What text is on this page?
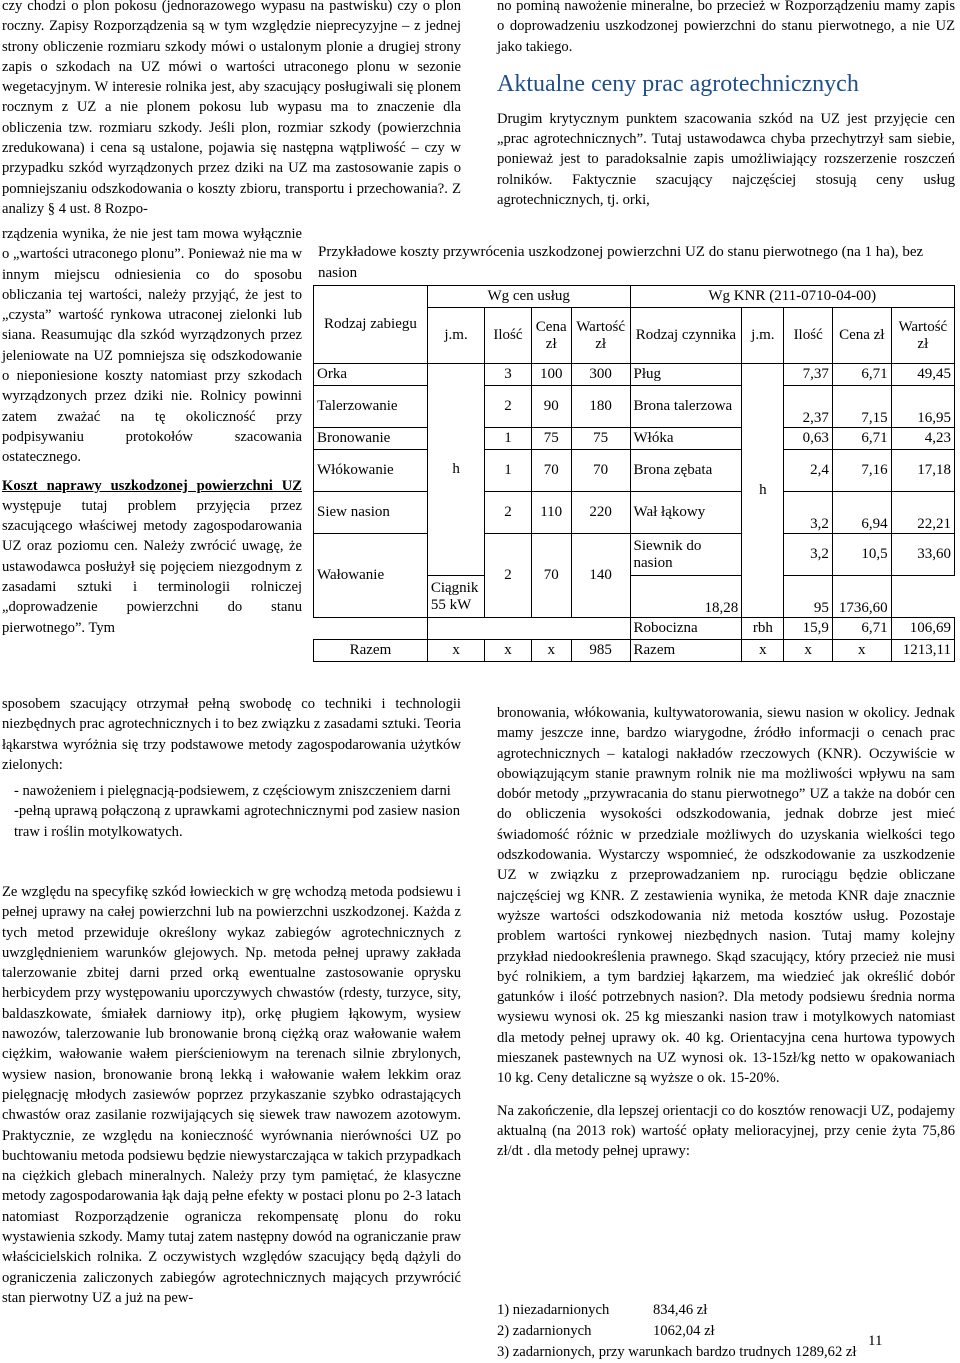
czy chodzi o plon pokosu (jednorazowego wypasu na pastwisku) czy o plon roczny. Zapisy Rozporządzenia są w tym względzie nieprecyzyjne – z jednej strony obliczenie rozmiaru szkody mówi o ustalonym plonie a drugiej strony zapis o szkodach na UZ mówi o wartości utraconego plonu w sezonie wegetacyjnym. W interesie rolnika jest, aby szacujący posługiwali się plonem rocznym z UZ a nie plonem pokosu lub wypasu ma to znaczenie dla obliczenia tzw. rozmiaru szkody. Jeśli plon, rozmiar szkody (powierzchnia zredukowana) i cena są ustalone, pojawia się następna wątpliwość – czy w przypadku szkód wyrządzonych przez dziki na UZ ma zastosowanie zapis o pomniejszaniu odszkodowania o koszty zbioru, transportu i przechowania?. Z analizy § 4 ust. 8 Rozpo-

rządzenia wynika, że nie jest tam mowa wyłącznie o „wartości utraconego plonu”. Ponieważ nie ma w innym miejscu odniesienia co do sposobu obliczania tej wartości, należy przyjąć, że jest to „czysta” wartość rynkowa utraconej zielonki lub siana. Reasumując dla szkód wyrządzonych przez jeleniowate na UZ pomniejsza się odszkodowanie o nieponiesione koszty natomiast przy szkodach wyrządzonych przez dziki nie. Rolnicy powinni zatem zważać na tę okoliczność przy podpisywaniu protokołów szacowania ostatecznego.

Koszt naprawy uszkodzonej powierzchni UZ występuje tutaj problem przyjęcia przez szacującego właściwej metody zagospodarowania UZ oraz poziomu cen. Należy zwrócić uwagę, że ustawodawca posłużył się pojęciem niezgodnym z zasadami sztuki i terminologii rolniczej „doprowadzenie powierzchni do stanu pierwotnego”. Tym

sposobem szacujący otrzymał pełną swobodę co techniki i technologii niezbędnych prac agrotechnicznych i to bez związku z zasadami sztuki. Teoria łąkarstwa wyróżnia się trzy podstawowe metody zagospodarowania użytków zielonych:

- nawożeniem i pielęgnacją-podsiewem, z częściowym zniszczeniem darni

-pełną uprawą połączoną z uprawkami agrotechnicznymi pod zasiew nasion traw i roślin motylkowatych.

Ze względu na specyfikę szkód łowieckich w grę wchodzą metoda podsiewu i pełnej uprawy na całej powierzchni lub na powierzchni uszkodzonej. Każda z tych metod przewiduje określony wykaz zabiegów agrotechnicznych z uwzględnieniem warunków glejowych. Np. metoda pełnej uprawy zakłada talerzowanie zbitej darni przed orką ewentualne zastosowanie oprysku herbicydem przy występowaniu uporczywych chwastów (rdesty, turzyce, sity, baldaszkowate, śmiałek darniowy itp), orkę pługiem łąkowym, wysiew nawozów, talerzowanie lub bronowanie broną ciężką oraz wałowanie wałem ciężkim, wałowanie wałem pierścieniowym na terenach silnie zbrylonych, wysiew nasion, bronowanie broną lekką i wałowanie wałem lekkim oraz pielęgnację młodych zasiewów poprzez przykaszanie szybko odrastających chwastów oraz zasilanie rozwijających się siewek traw nawozem azotowym. Praktycznie, ze względu na konieczność wyrównania nierówności UZ po buchtowaniu metoda podsiewu będzie niewystarczająca w takich przypadkach na ciężkich glebach mineralnych. Należy przy tym pamiętać, że klasyczne metody zagospodarowania łąk dają pełne efekty w postaci plonu po 2-3 latach natomiast Rozporządzenie ogranicza rekompensatę plonu do roku wystawienia szkody. Mamy tutaj zatem następny dowód na ograniczanie praw właścicielskich rolnika. Z oczywistych względów szacujący będą dążyli do ograniczenia zaliczonych zabiegów agrotechnicznych mających przywrócić stan pierwotny UZ a już na pew-

no pominą nawożenie mineralne, bo przecież w Rozporządzeniu mamy zapis o doprowadzeniu uszkodzonej powierzchni do stanu pierwotnego, a nie UZ jako takiego.

Aktualne ceny prac agrotechnicznych

Drugim krytycznym punktem szacowania szkód na UZ jest przyjęcie cen „prac agrotechnicznych”. Tutaj ustawodawca chyba przechytrzył sam siebie, ponieważ jest to paradoksalnie zapis umożliwiający rozszerzenie roszczeń rolników. Faktycznie szacujący najczęściej stosują ceny usług agrotechnicznych, tj. orki,

Przykładowe koszty przywrócenia uszkodzonej powierzchni UZ do stanu pierwotnego (na 1 ha), bez nasion
Rodzaj zabiegu	Wg cen usług				Wg KNR (211-0710-04-00)				
	j.m.	Ilość	Cena zł	Wartość zł	Rodzaj czynnika	j.m.	Ilość	Cena zł	Wartość zł
Orka	h	3	100	300	Pług	h	7,37	6,71	49,45
Talerzowanie		2	90	180	Brona talerzowa		2,37	7,15	16,95
Bronowanie		1	75	75	Włóka		0,63	6,71	4,23
Włókowanie		1	70	70	Brona zębata		2,4	7,16	17,18
Siew nasion		2	110	220	Wał łąkowy		3,2	6,94	22,21
Wałowanie		2	70	140	Siewnik do nasion		3,2	10,5	33,60
	Ciągnik 55 kW				18,28		95	1736,60	
					Robocizna	rbh	15,9	6,71	106,69
Razem	x	x	x	985	Razem	x	x	x	1213,11

bronowania, włókowania, kultywatorowania, siewu nasion w okolicy. Jednak mamy jeszcze inne, bardzo wiarygodne, źródło informacji o cenach prac agrotechnicznych – katalogi nakładów rzeczowych (KNR). Oczywiście w obowiązującym stanie prawnym rolnik nie ma możliwości wpływu na sam dobór metody „przywracania do stanu pierwotnego” UZ a także na dobór cen do obliczenia wysokości odszkodowania, jednak dobrze jest mieć świadomość różnic w przedziale możliwych do uzyskania wielkości tego odszkodowania. Wystarczy wspomnieć, że odszkodowanie za uszkodzenie UZ w związku z przeprowadzaniem np. rurociągu będzie obliczane najczęściej wg KNR. Z zestawienia wynika, że metoda KNR daje znacznie wyższe wartości odszkodowania niż metoda kosztów usług. Pozostaje problem wartości rynkowej niezbędnych nasion. Tutaj mamy kolejny przykład niedookreślenia prawnego. Skąd szacujący, który przecież nie musi być rolnikiem, a tym bardziej łąkarzem, ma wiedzieć jak określić dobór gatunków i ilość potrzebnych nasion?. Dla metody podsiewu średnia norma wysiewu wynosi ok. 25 kg mieszanki nasion traw i motylkowych natomiast dla metody pełnej uprawy ok. 40 kg. Orientacyjna cena hurtowa typowych mieszanek pastewnych na UZ wynosi ok. 13-15zł/kg netto w opakowaniach 10 kg. Ceny detaliczne są wyższe o ok. 15-20%.

Na zakończenie, dla lepszej orientacji co do kosztów renowacji UZ, podajemy aktualną (na 2013 rok) wartość opłaty melioracyjnej, przy cenie żyta 75,86 zł/dt . dla metody pełnej uprawy:

1) niezadarnionych	834,46 zł
2) zadarnionych	1062,04 zł
3) zadarnionych, przy warunkach bardzo trudnych 1289,62 zł
11
